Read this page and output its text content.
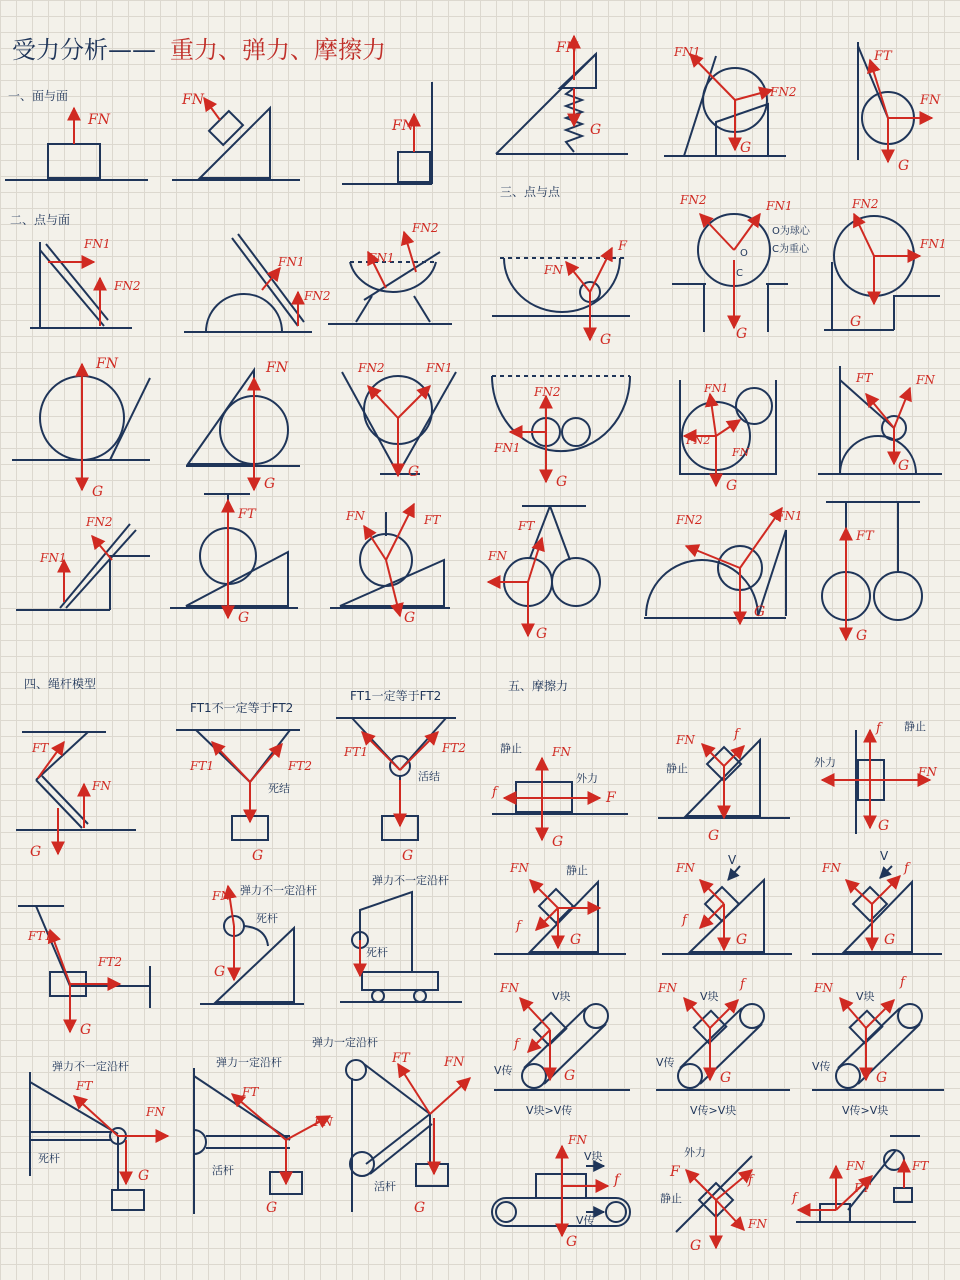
受力分析—— 重力、弹力、摩擦力
一、面与面
二、点与面
三、点与点
四、绳杆模型	五、摩擦力
FN
FN
FN
FN
G
FN1
FN2
G
FT
FN
G
FN1
FN2
FN1
FN2
FN1
FN2
F
FN
G
FN2	FN1
O
C
O为球心
C为重心
G
FN2
FN1
G
FN
G
FN
G
FN2	FN1
G
FN2
FN1
G
FN1
FN2
FN
G
FT	FN
G
FN1
FN2	FT
G
FN	FT
G
FT
FN
G
FN2	FN1
G
FT
G
FT
FN
G
FT1不一定等于FT2
FT1	FT2
死结
G
FT1一定等于FT2
FT1	FT2
活结
G
FT1
FT2
G
弹力不一定沿杆
FN
死杆
G
弹力不一定沿杆
死杆
弹力不一定沿杆
FT
FN
死杆
G
弹力一定沿杆
FT
FN
活杆
G
弹力一定沿杆
FT	FN
活杆
G
静止	FN
外力
F
f
G
FN	f
静止
G
静止
外力
f
FN
G
FN	静止
f
G
FN
V
f
G
FN
V
f
G
FN
V块
f
V传	G
V块>V传
FN
V块
f
V传
G
V传>V块
FN
V块
f
V传
G
V传>V块
FN
V块
f
V传
G
外力
F
f
静止
FN
G
FN
FT
FT
f
